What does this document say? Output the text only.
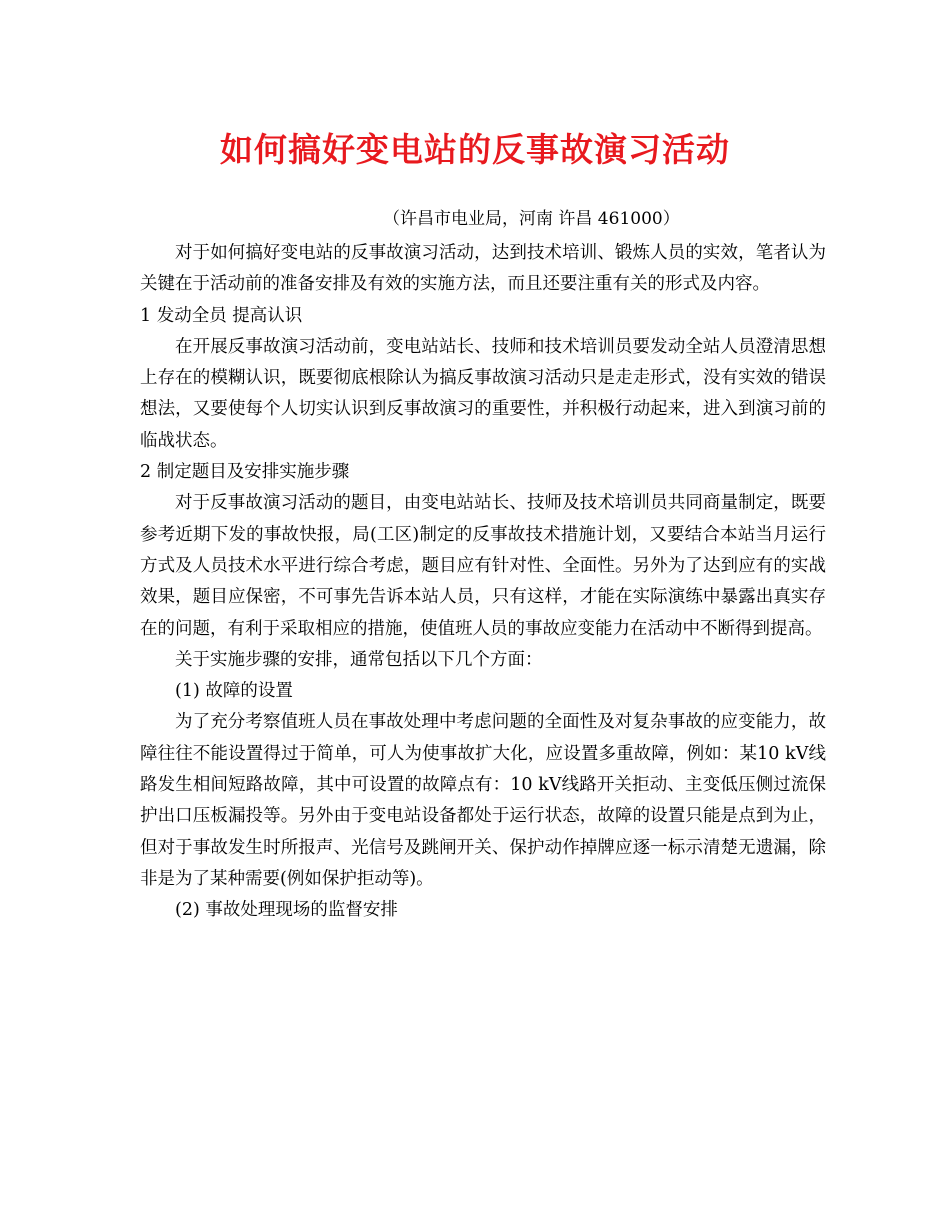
如何搞好变电站的反事故演习活动
（许昌市电业局，河南 许昌 461000）

对于如何搞好变电站的反事故演习活动，达到技术培训、锻炼人员的实效，笔者认为关键在于活动前的准备安排及有效的实施方法，而且还要注重有关的形式及内容。

1 发动全员 提高认识

在开展反事故演习活动前，变电站站长、技师和技术培训员要发动全站人员澄清思想上存在的模糊认识，既要彻底根除认为搞反事故演习活动只是走走形式，没有实效的错误想法，又要使每个人切实认识到反事故演习的重要性，并积极行动起来，进入到演习前的临战状态。

2 制定题目及安排实施步骤

对于反事故演习活动的题目，由变电站站长、技师及技术培训员共同商量制定，既要参考近期下发的事故快报，局(工区)制定的反事故技术措施计划，又要结合本站当月运行方式及人员技术水平进行综合考虑，题目应有针对性、全面性。另外为了达到应有的实战效果，题目应保密，不可事先告诉本站人员，只有这样，才能在实际演练中暴露出真实存在的问题，有利于采取相应的措施，使值班人员的事故应变能力在活动中不断得到提高。

关于实施步骤的安排，通常包括以下几个方面：

(1) 故障的设置

为了充分考察值班人员在事故处理中考虑问题的全面性及对复杂事故的应变能力，故障往往不能设置得过于简单，可人为使事故扩大化，应设置多重故障，例如：某10 kV线路发生相间短路故障，其中可设置的故障点有：10 kV线路开关拒动、主变低压侧过流保护出口压板漏投等。另外由于变电站设备都处于运行状态，故障的设置只能是点到为止，但对于事故发生时所报声、光信号及跳闸开关、保护动作掉牌应逐一标示清楚无遗漏，除非是为了某种需要(例如保护拒动等)。

(2) 事故处理现场的监督安排
